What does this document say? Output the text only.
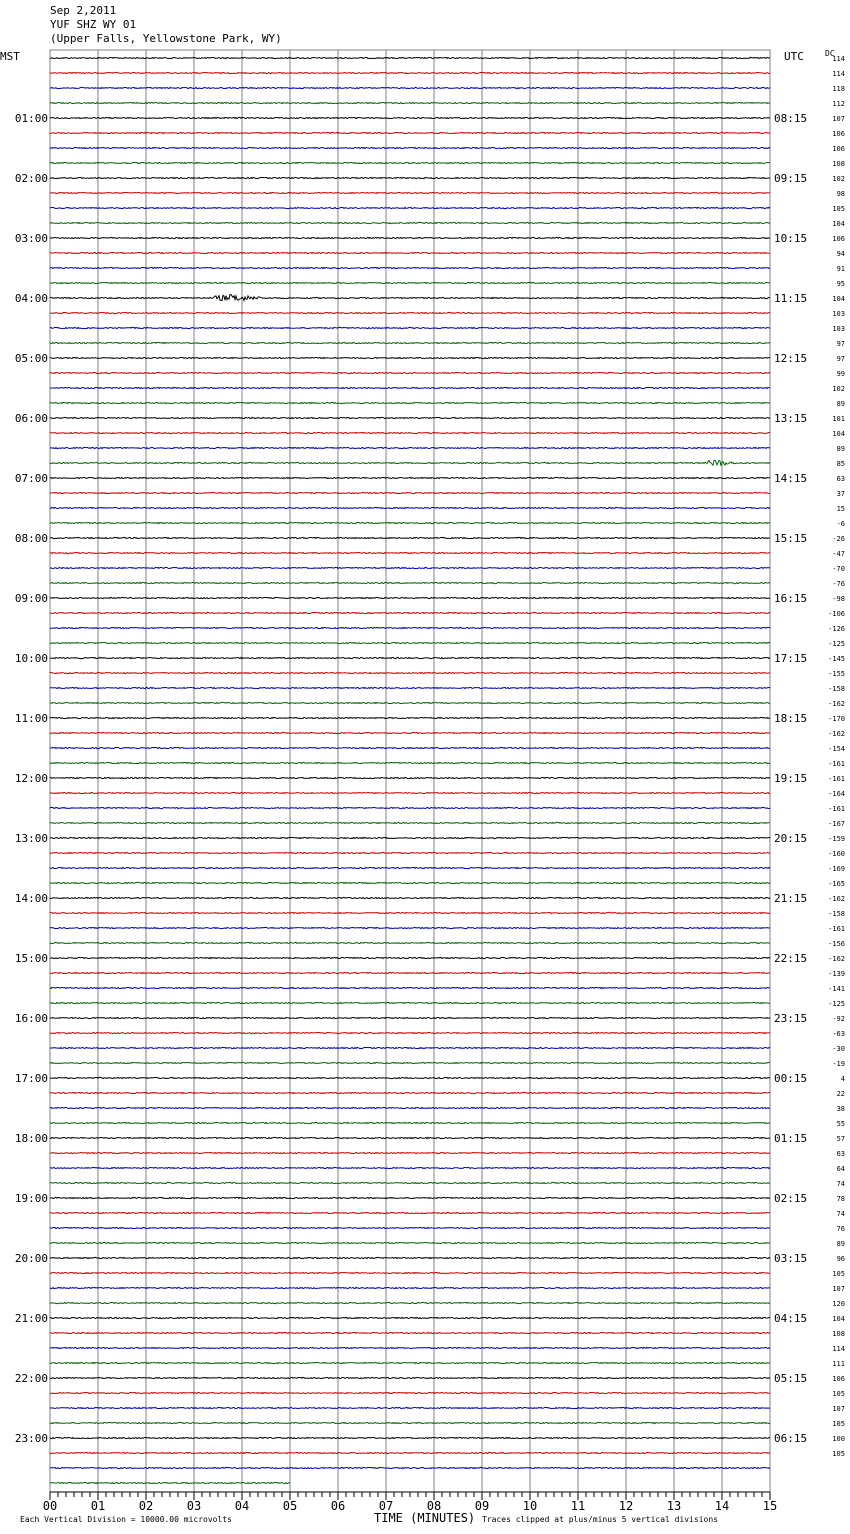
Sep 2,2011
YUF SHZ WY 01
(Upper Falls, Yellowstone Park, WY)
MST	UTC	DC
01:00
02:00
03:00
04:00
05:00
06:00
07:00
08:00
09:00
10:00
11:00
12:00
13:00
14:00
15:00
16:00
17:00
18:00
19:00
20:00
21:00
22:00
23:00
08:15
09:15
10:15
11:15
12:15
13:15
14:15
15:15
16:15
17:15
18:15
19:15
20:15
21:15
22:15
23:15
00:15
01:15
02:15
03:15
04:15
05:15
06:15
114
114
118
112
107
106
106
108
102
98
105
104
106
94
91
95
104
103
103
97
97
99
102
89
101
104
89
85
63
37
15
-6
-26
-47
-70
-76
-98
-106
-126
-125
-145
-155
-158
-162
-170
-162
-154
-161
-161
-164
-161
-167
-159
-160
-169
-165
-162
-158
-161
-156
-162
-139
-141
-125
-92
-63
-30
-19
4
22
38
55
57
63
64
74
78
74
76
89
96
105
107
120
104
108
114
111
106
105
107
105
100
105
00	01	02	03	04	05	06	07	08	09	10	11	12	13	14	15
TIME (MINUTES)
Each Vertical Division = 10000.00 microvolts	Traces clipped at plus/minus 5 vertical divisions
